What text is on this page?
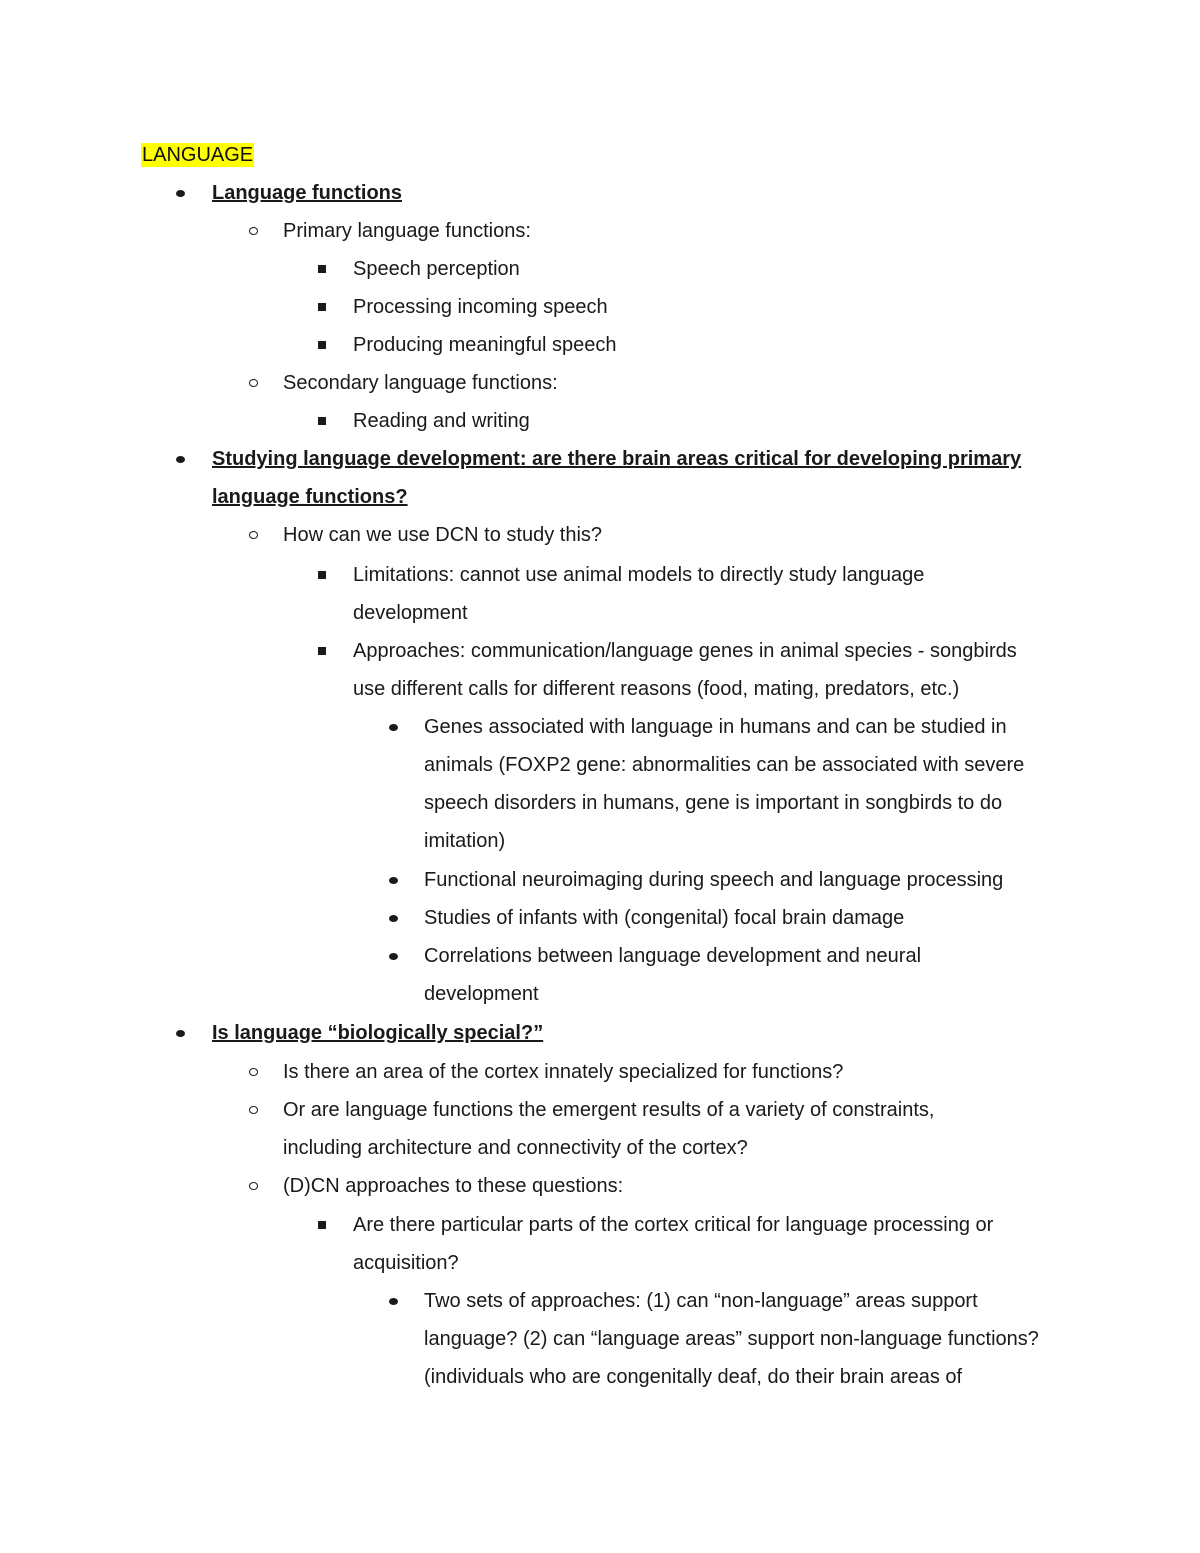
LANGUAGE
Language functions
Primary language functions:
Speech perception
Processing incoming speech
Producing meaningful speech
Secondary language functions:
Reading and writing
Studying language development: are there brain areas critical for developing primary
language functions?
How can we use DCN to study this?
Limitations: cannot use animal models to directly study language
development
Approaches: communication/language genes in animal species - songbirds
use different calls for different reasons (food, mating, predators, etc.)
Genes associated with language in humans and can be studied in
animals (FOXP2 gene: abnormalities can be associated with severe
speech disorders in humans, gene is important in songbirds to do
imitation)
Functional neuroimaging during speech and language processing
Studies of infants with (congenital) focal brain damage
Correlations between language development and neural
development
Is language “biologically special?”
Is there an area of the cortex innately specialized for functions?
Or are language functions the emergent results of a variety of constraints,
including architecture and connectivity of the cortex?
(D)CN approaches to these questions:
Are there particular parts of the cortex critical for language processing or
acquisition?
Two sets of approaches: (1) can “non-language” areas support
language? (2) can “language areas” support non-language functions?
(individuals who are congenitally deaf, do their brain areas of
